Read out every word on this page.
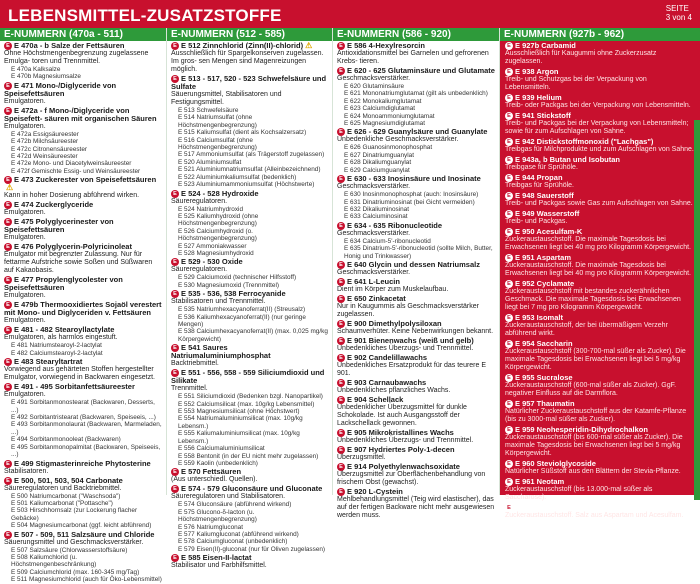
LEBENSMITTEL-ZUSATZSTOFFE	SEITE
3 von 4
E-NUMMERN (470a - 511)
E E 470a - b Salze der Fettsäuren
Ohne Höchstmengenbegrenzung zugelassene Emulga- toren und Trennmittel.
E 470a Kalksalze
E 470b Magnesiumsalze
E E 471 Mono-/Diglyceride von Speisefettsäuren
Emulgatoren.
E E 472a - f Mono-/Diglyceride von Speisefett- säuren mit organischen Säuren
Emulgatoren.
E 472a Essigsäureester
E 472b Milchsäureester
E 472c Citronensäureester
E 472d Weinsäureester
E 472e Mono- und Diacetylweinsäureester
E 472f Gemischte Essig- und Weinsäureester
E E 473 Zuckerester von Speisefettsäuren⚠
Kann in hoher Dosierung abführend wirken.
E E 474 Zuckerglyceride
Emulgatoren.
E E 475 Polyglycerinester von Speisefettsäuren
Emulgatoren.
E E 476 Polyglycerin-Polyricinoleat
Emulgator mit begrenzter Zulassung. Nur für fettarme Aufstriche sowie Soßen und Süßwaren auf Kakaobasis.
E E 477 Propylenglycolester von Speisefettsäuren
Emulgatoren.
E E 479b Thermooxidiertes Sojaöl verestert mit Mono- und Diglyceriden v. Fettsäuren
Emulgatoren.
E E 481 - 482 Stearoyllactylate
Emulgatoren, als harmlos eingestuft.
E 481 Natriumstearoyl-2-lactylat
E 482 Calciumstearoyl-2-lactylat
E E 483 Stearyltartrat
Vorwiegend aus gehärteten Stoffen hergestellter Emulgator, vorwiegend in Backwaren eingesetzt.
E E 491 - 495 Sorbitanfettsäureester
Emulgatoren.
E 491 Sorbitanmonostearat (Backwaren, Desserts, ...)
E 492 Sorbitantristearat (Backwaren, Speiseeis, ...)
E 493 Sorbitanmonolaurat (Backwaren, Marmeladen, ...)
E 494 Sorbitanmonooleat (Backwaren)
E 495 Sorbitanmonopalmitat (Backwaren, Speiseeis, ...)
E E 499 Stigmasterinreiche Phytosterine
Stabilisatoren.
E E 500, 501, 503, 504 Carbonate
Säureregulatoren und Backtriebmittel.
E 500 Natriumcarbonat ("Waschsoda")
E 501 Kaliumcarbonat ("Pottasche")
E 503 Hirschhornsalz (zur Lockerung flacher Gebäcke)
E 504 Magnesiumcarbonat (ggf. leicht abführend)
E E 507 - 509, 511 Salzsäure und Chloride
Säuerungsmittel und Geschmacksverstärker.
E 507 Salzsäure (Chlorwasserstoffsäure)
E 508 Kaliumchlorid (u. Höchstmengenbeschränkung)
E 509 Calciumchlorid (max. 160-345 mg/Tag)
E 511 Magnesiumchlorid (auch für Öko-Lebensmittel)
E-NUMMERN (512 - 585)
E E 512 Zinnchlorid (Zinn(II)-chlorid) ⚠
Ausschließlich für Spargelkonserven zugelassen. Im gros- sen Mengen sind Magenreizungen möglich.
E E 513 - 517, 520 - 523 Schwefelsäure und Sulfate
Säuerungsmittel, Stabilisatoren und Festigungsmittel.
E 513 Schwefelsäure
E 514 Natriumsulfat (ohne Höchstmengenbegrenzung)
E 515 Kaliumsulfat (dient als Kochsalzersatz)
E 516 Calciumsulfat (ohne Höchstmengenbegrenzung)
E 517 Ammoniumsulfat (als Trägerstoff zugelassen)
E 520 Aluminiumsulfat
E 521 Aluminiumnatriumsulfat (Alleinbezeichnend)
E 522 Aluminiumkaliumsulfat (bedenklich)
E 523 Aluminiumammoniumsulfat (Höchstwerte)
E E 524 - 528 Hydroxide
Säureregulatoren.
E 524 Natriumhydroxid
E 525 Kaliumhydroxid (ohne Höchstmengenbegrenzung)
E 526 Calciumhydroxid (o. Höchstmengenbegrenzung)
E 527 Ammoniakwasser
E 528 Magnesiumhydroxid
E E 529 - 530 Oxide
Säureregulatoren.
E 529 Calciumoxid (technischer Hilfsstoff)
E 530 Magnesiumoxid (Trennmittel)
E E 535 - 536, 538 Ferrocyanide
Stabilisatoren und Trennmittel.
E 535 Natriumhexacyanoferrat(II) (Streusalz)
E 536 Kaliumhexacyanoferrat(II) (nur geringe Mengen)
E 538 Calciumhexacyanoferrat(II) (max. 0,025 mg/kg Körpergewicht)
E E 541 Saures Natriumaluminiumphosphat
Backtriebmittel.
E E 551 - 556, 558 - 559 Siliciumdioxid und Silikate
Trennmittel.
E 551 Siliciumdioxid (Bedenken bzgl. Nanopartikel)
E 552 Calciumsilicat (max. 10g/kg Lebensmittel)
E 553 Magnesiumsilicat (ohne Höchstwert)
E 554 Natriumaluminiumsilicat (max. 10g/kg Lebensm.)
E 555 Kaliumaluminiumsilicat (max. 10g/kg Lebensm.)
E 556 Calciumaluminiumsilicat
E 558 Bentonit (in der EU nicht mehr zugelassen)
E 559 Kaolin (unbedenklich)
E E 570 Fettsäuren
(Aus unterschiedl. Quellen).
E E 574 - 579 Gluconsäure und Gluconate
Säureregulatoren und Stabilisatoren.
E 574 Gluconsäure (abführend wirkend)
E 575 Glucono-δ-lacton (u. Höchstmengenbegrenzung)
E 576 Natriumgluconat
E 577 Kaliumgluconat (abführend wirkend)
E 578 Calciumgluconat (unbedenklich)
E 579 Eisen(II)-gluconat (nur für Oliven zugelassen)
E E 585 Eisen-II-lactat
Stabilisator und Farbhilfsmittel.
E-NUMMERN (586 - 920)
E E 586 4-Hexylresorcin
Antioxidationsmittel bei Garnelen und gefrorenen Krebs- tieren.
E E 620 - 625 Glutaminsäure und Glutamate
Geschmacksverstärker.
E 620 Glutaminsäure
E 621 Mononatriumglutamat (gilt als unbedenklich)
E 622 Monokaliumglutamat
E 623 Calciumdiglutamat
E 624 Monoammoniumglutamat
E 625 Magnesiumdiglutamat
E E 626 - 629 Guanylsäure und Guanylate
Unbedenkliche Geschmacksverstärker.
E 626 Guanosinmonophosphat
E 627 Dinatriumguanylat
E 628 Dikaliumguanylat
E 629 Calciumguanylat
E E 630 - 633 Inosinsäure und Inosinate
Geschmacksverstärker.
E 630 Inosinmonophosphat (auch: Inosinsäure)
E 631 Dinatriuminosinat (bei Gicht vermeiden)
E 632 Dikaliuminosinat
E 633 Calciuminosinat
E E 634 - 635 Ribonucleotide
Geschmacksverstärker.
E 634 Calcium-5'-ribonucleotid
E 635 Dinatrium-5'-ribonucleotid (sollte Milch, Butter, Honig und Trinkwasser)
E E 640 Glycin und dessen Natriumsalz
Geschmacksverstärker.
E E 641 L-Leucin
Dient im Körper zum Muskelaufbau.
E E 650 Zinkacetat
Nur in Kaugummis als Geschmacksverstärker zugelassen.
E E 900 Dimethylpolysiloxan
Schaumverhüter. Keine Nebenwirkungen bekannt.
E E 901 Bienenwachs (weiß und gelb)
Unbedenkliches Überzugs- und Trennmittel.
E E 902 Candelillawachs
Unbedenkliches Ersatzprodukt für das teurere E 901.
E E 903 Carnaubawachs
Unbedenkliches pflanzliches Wachs.
E E 904 Schellack
Unbedenklicher Überzugsmittel für dunkle Schokolade. Ist auch Ausgangsstoff der Lackschellack gewonnen.
E E 905 Mikrokristallines Wachs
Unbedenkliches Überzugs- und Trennmittel.
E E 907 Hydriertes Poly-1-decen
Überzugsmittel.
E E 914 Polyethylenwachsoxidate
Überzugsmittel zur Oberflächenbehandlung von frischem Obst (gewachst).
E E 920 L-Cystein
Mehlbehandlungsmittel (Teig wird elastischer), das auf der fertigen Backware nicht mehr ausgewiesen werden muss.
E-NUMMERN (927b - 962)
E E 927b Carbamid
Ausschließlich für Kaugummi ohne Zuckerzusatz zugelassen.
E E 938 Argon
Treib- und Schutzgas bei der Verpackung von Lebensmitteln.
E E 939 Helium
Treib- oder Packgas bei der Verpackung von Lebensmitteln.
E E 941 Stickstoff
Treib- und Packgas bei der Verpackung von Lebensmitteln; sowie für zum Aufschlagen von Sahne.
E E 942 Distickstoffmonoxid ("Lachgas")
Treibgas für Milchprodukte und zum Aufschlagen von Sahne.
E E 943a, b Butan und Isobutan
Treibgase für Sprühöle.
E E 944 Propan
Treibgas für Sprühöle.
E E 948 Sauerstoff
Treib- und Packgas sowie Gas zum Aufschlagen von Sahne.
E E 949 Wasserstoff
Treib- und Packgas.
E E 950 Acesulfam-K
Zuckeraustauschstoff. Die maximale Tagesdosis bei Erwachsenen liegt bei 40 mg pro Kilogramm Körpergewicht.
E E 951 Aspartam
Zuckeraustauschstoff. Die maximale Tagesdosis bei Erwachsenen liegt bei 40 mg pro Kilogramm Körpergewicht.
E E 952 Cyclamate
Zuckeraustauschstoff mit bestandes zuckerähnlichen Geschmack. Die maximale Tagesdosis bei Erwachsenen liegt bei 7 mg pro Kilogramm Körpergewicht.
E E 953 Isomalt
Zuckeraustauschstoff, der bei übermäßigem Verzehr abführend wirkt.
E E 954 Saccharin
Zuckeraustauschstoff (300-700-mal süßer als Zucker). Die maximale Tagesdosis bei Erwachsenen liegt bei 5 mg/kg Körpergewicht.
E E 955 Sucralose
Zuckeraustauschstoff (600-mal süßer als Zucker). GgF. negativer Einfluss auf die Darmflora.
E E 957 Thaumatin
Natürlicher Zuckeraustauschstoff aus der Katamfe-Pflanze (bis zu 3000-mal süßer als Zucker).
E E 959 Neohesperidin-Dihydrochalkon
Zuckeraustauschstoff (bis 600-mal süßer als Zucker). Die maximale Tagesdosis bei Erwachsenen liegt bei 5 mg/kg Körpergewicht.
E E 960 Steviolglycoside
Natürlicher Süßstoff aus den Blättern der Stevia-Pflanze.
E E 961 Neotam
Zuckeraustauschstoff (bis 13.000-mal süßer als Saccharose).
E E 962 Aspartam-Acesulfamsalz
Zuckeraustauschstoff. Salz aus Aspartam und Acesulfam.
